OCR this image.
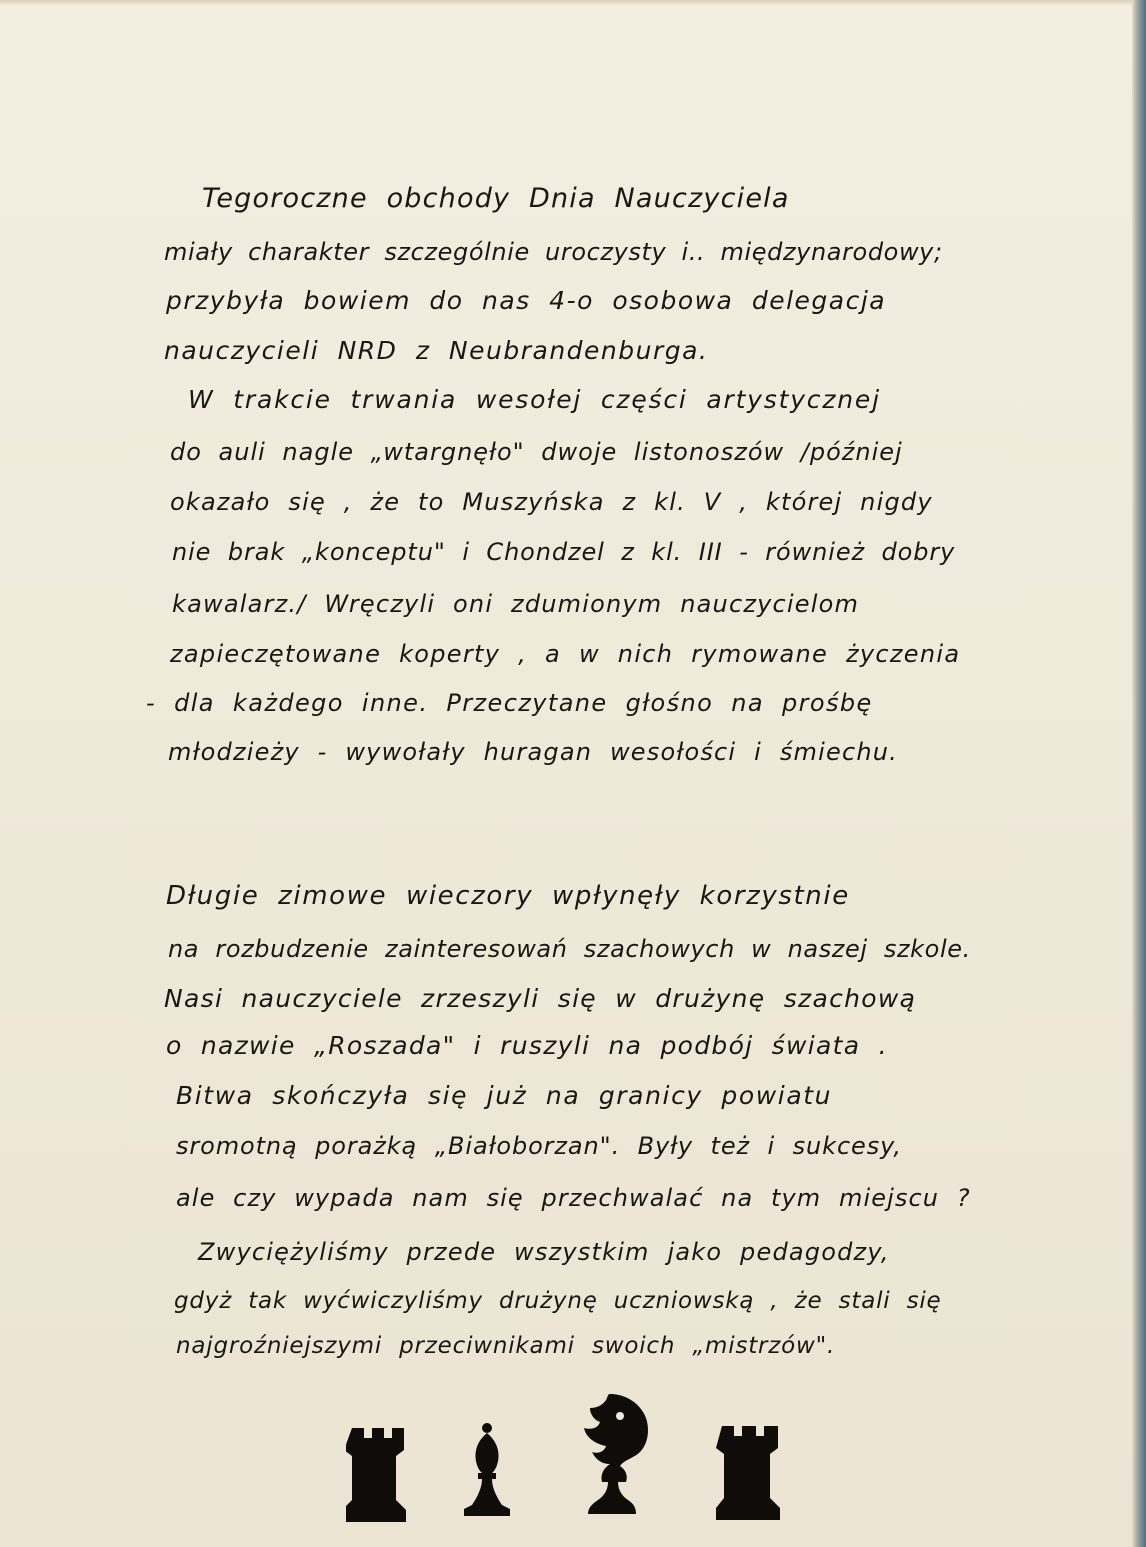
Tegoroczne obchody Dnia Nauczyciela

miały charakter szczególnie uroczysty i.. międzynarodowy;

przybyła bowiem do nas 4-o osobowa delegacja

nauczycieli NRD z Neubrandenburga.

W trakcie trwania wesołej części artystycznej

do auli nagle „wtargnęło" dwoje listonoszów /później

okazało się , że to Muszyńska z kl. V , której nigdy

nie brak „konceptu" i Chondzel z kl. III - również dobry

kawalarz./ Wręczyli oni zdumionym nauczycielom

zapieczętowane koperty , a w nich rymowane życzenia

- dla każdego inne. Przeczytane głośno na prośbę

młodzieży - wywołały huragan wesołości i śmiechu.

Długie zimowe wieczory wpłynęły korzystnie

na rozbudzenie zainteresowań szachowych w naszej szkole.

Nasi nauczyciele zrzeszyli się w drużynę szachową

o nazwie „Roszada" i ruszyli na podbój świata .

Bitwa skończyła się już na granicy powiatu

sromotną porażką „Białoborzan". Były też i sukcesy,

ale czy wypada nam się przechwalać na tym miejscu ?

Zwyciężyliśmy przede wszystkim jako pedagodzy,

gdyż tak wyćwiczyliśmy drużynę uczniowską , że stali się

najgroźniejszymi przeciwnikami swoich „mistrzów".
